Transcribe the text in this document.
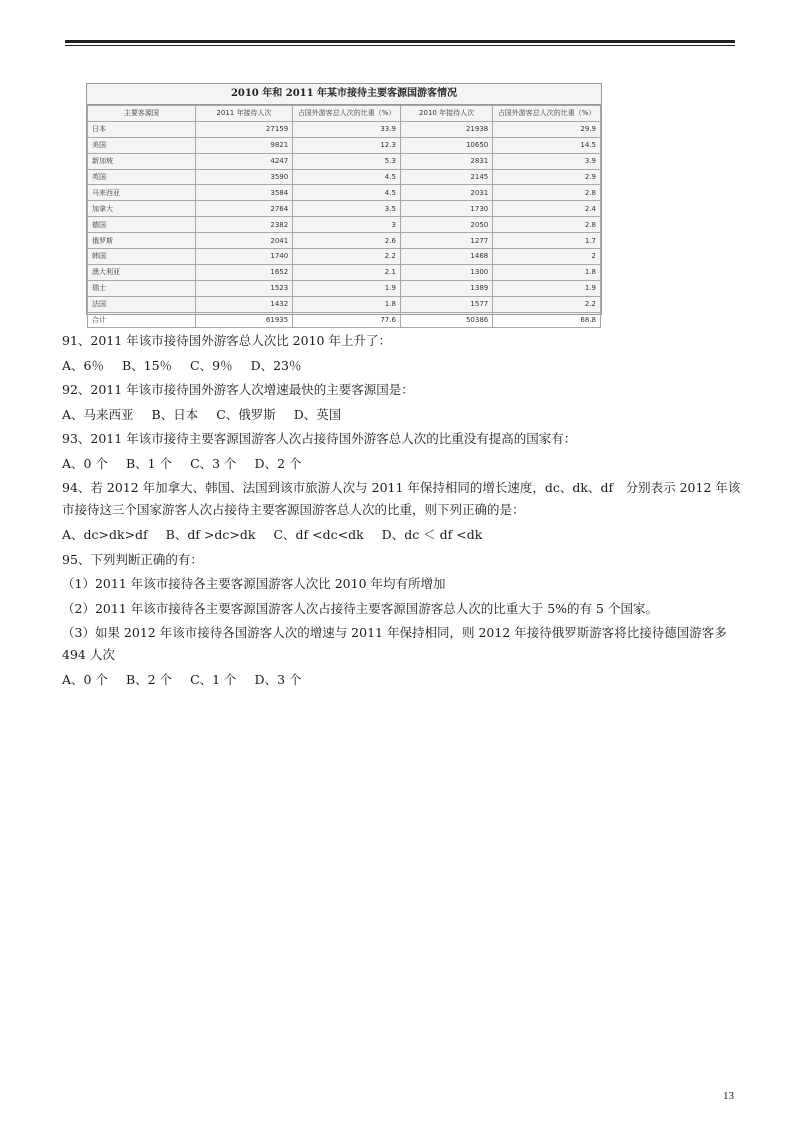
2010 年和 2011 年某市接待主要客源国游客情况
主要客源国	2011 年接待人次	占国外游客总人次的比重（%）	2010 年接待人次	占国外游客总人次的比重（%）
日本	27159	33.9	21938	29.9
美国	9821	12.3	10650	14.5
新加坡	4247	5.3	2831	3.9
英国	3590	4.5	2145	2.9
马来西亚	3584	4.5	2031	2.8
加拿大	2764	3.5	1730	2.4
德国	2382	3	2050	2.8
俄罗斯	2041	2.6	1277	1.7
韩国	1740	2.2	1468	2
澳大利亚	1652	2.1	1300	1.8
瑞士	1523	1.9	1389	1.9
法国	1432	1.8	1577	2.2
合计	61935	77.6	50386	68.8
91、2011 年该市接待国外游客总人次比 2010 年上升了：
A、6％ B、15％ C、9％ D、23％
92、2011 年该市接待国外游客人次增速最快的主要客源国是：
A、马来西亚 B、日本 C、俄罗斯 D、英国
93、2011 年该市接待主要客源国游客人次占接待国外游客总人次的比重没有提高的国家有：
A、0 个 B、1 个 C、3 个 D、2 个
94、若 2012 年加拿大、韩国、法国到该市旅游人次与 2011 年保持相同的增长速度，dc、dk、df　分别表示 2012 年该市接待这三个国家游客人次占接待主要客源国游客总人次的比重，则下列正确的是：
A、dc>dk>df B、df >dc>dk C、df <dc<dk D、dc ＜ df <dk
95、下列判断正确的有：
（1）2011 年该市接待各主要客源国游客人次比 2010 年均有所增加
（2）2011 年该市接待各主要客源国游客人次占接待主要客源国游客总人次的比重大于 5%的有 5 个国家。
（3）如果 2012 年该市接待各国游客人次的增速与 2011 年保持相同，则 2012 年接待俄罗斯游客将比接待德国游客多 494 人次
A、0 个 B、2 个 C、1 个 D、3 个
13
